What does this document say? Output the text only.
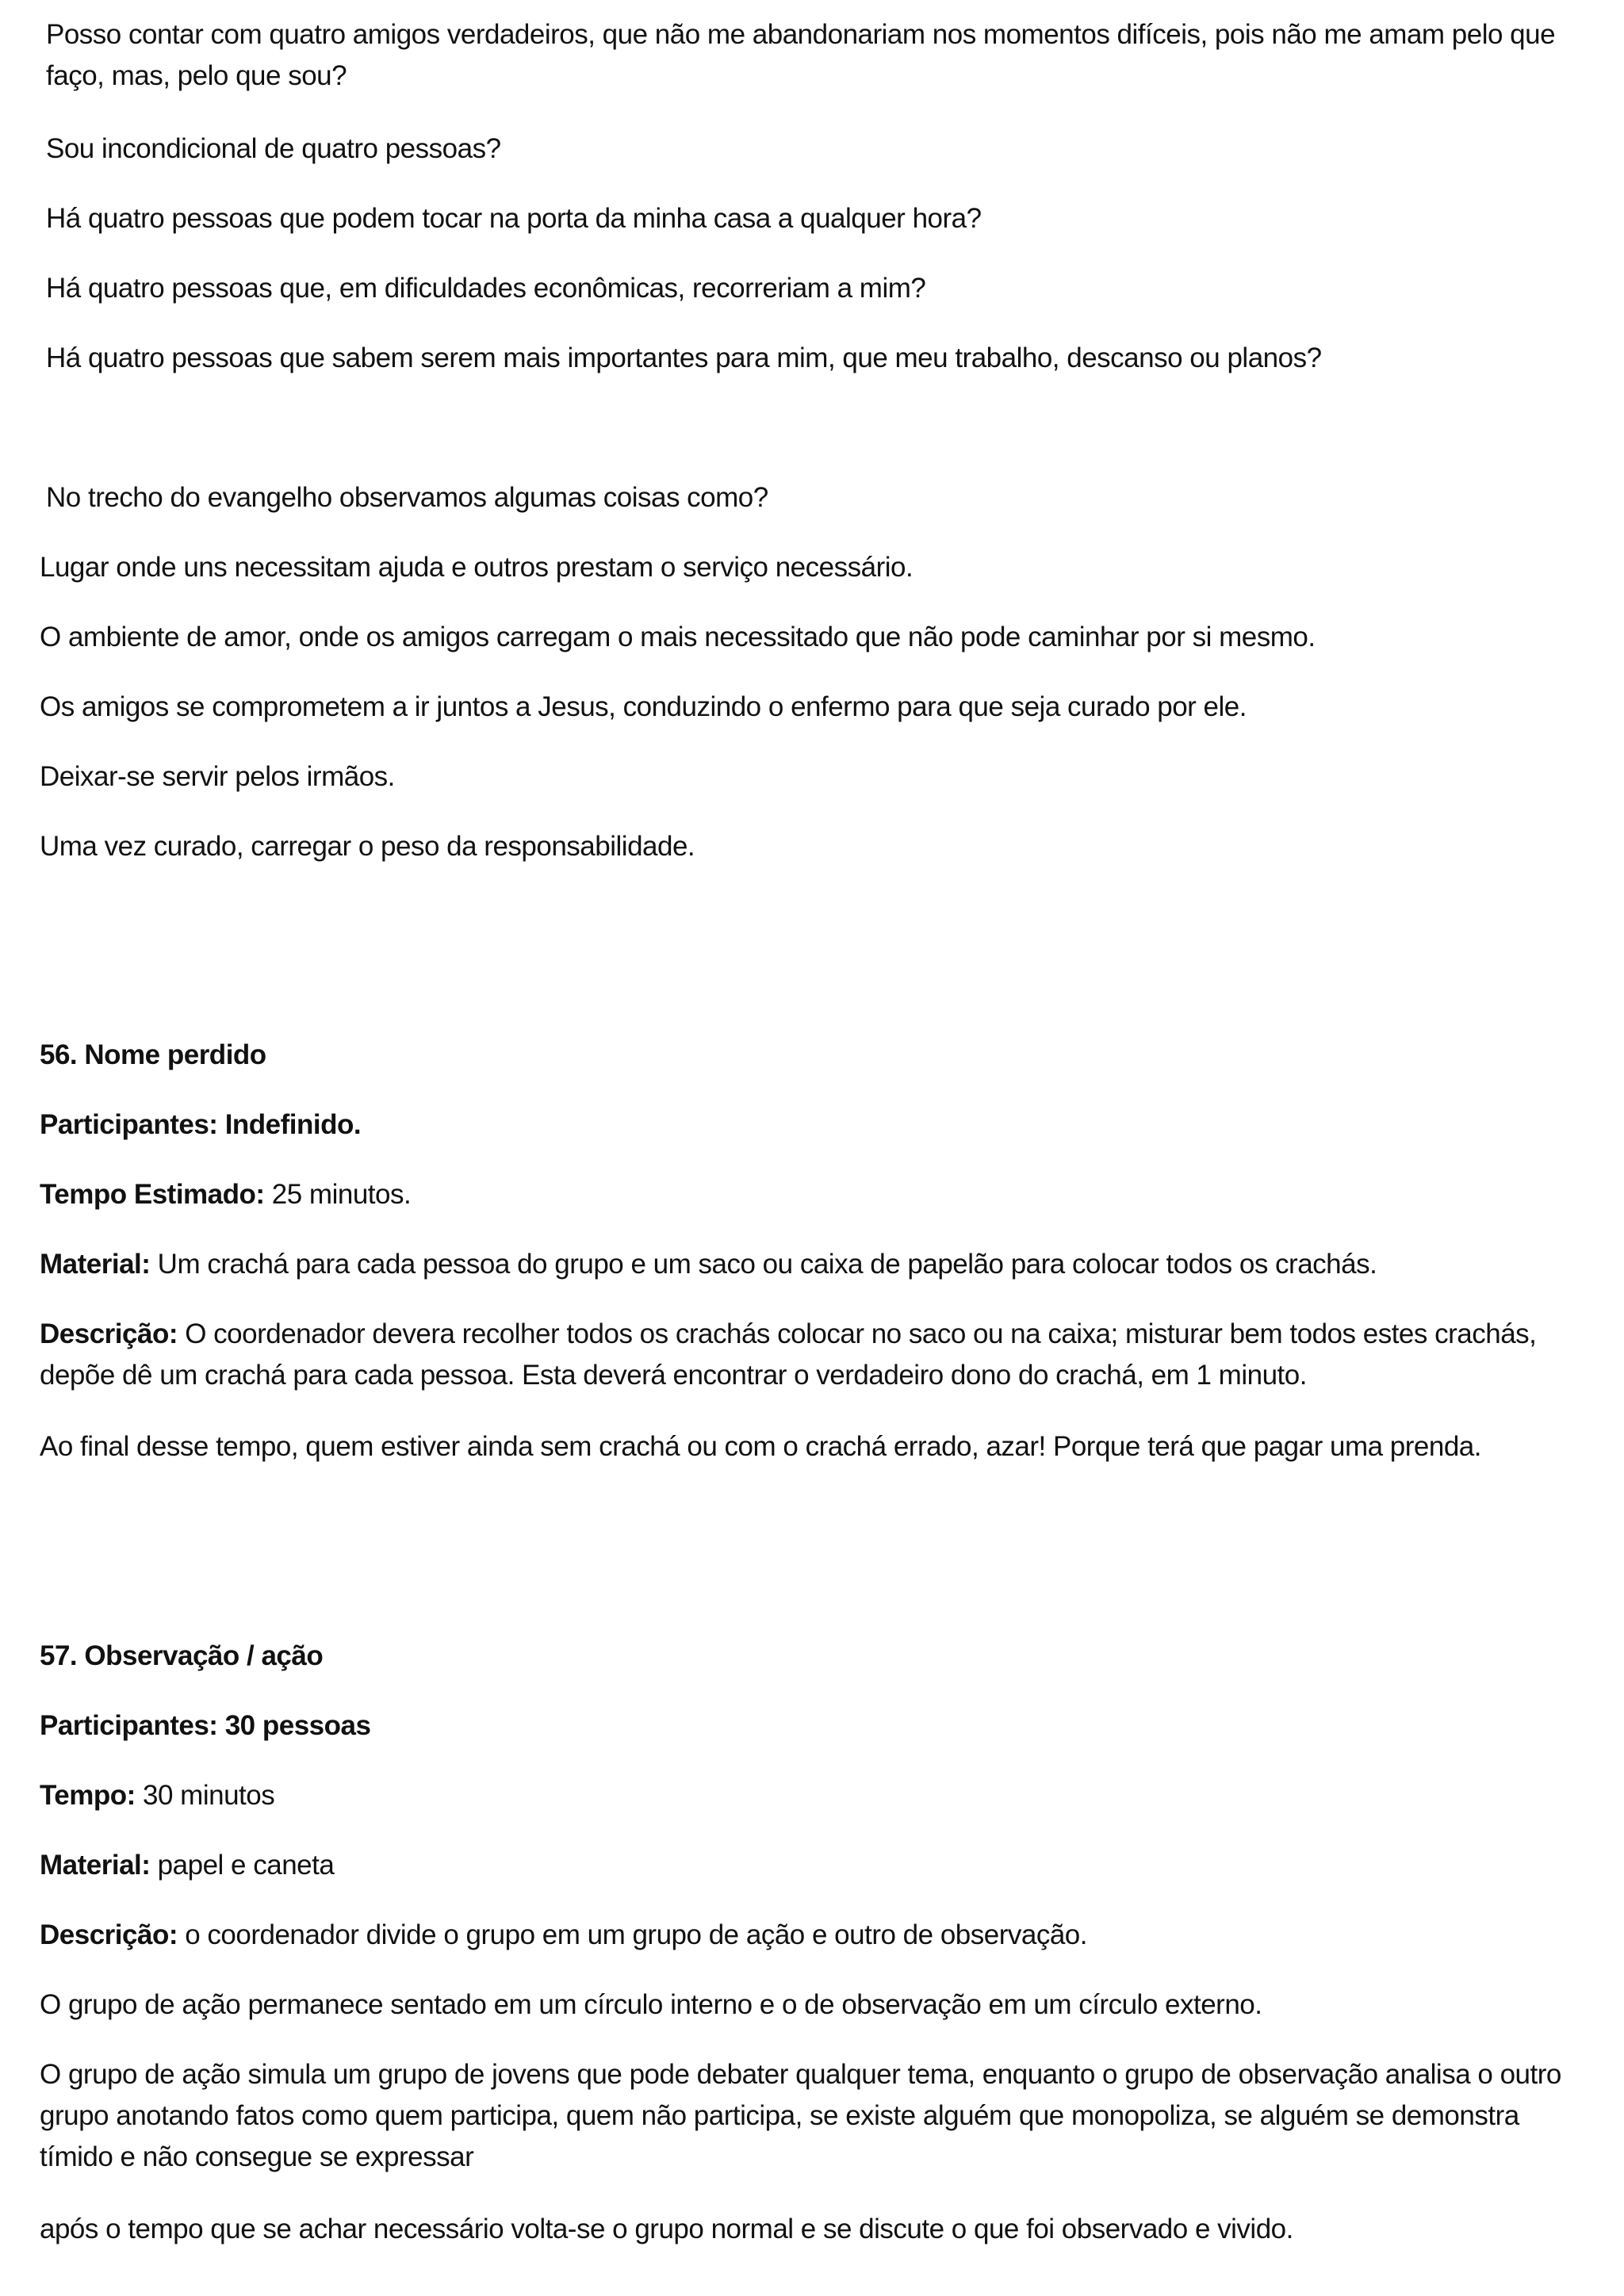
Posso contar com quatro amigos verdadeiros, que não me abandonariam nos momentos difíceis, pois não me amam pelo que faço, mas, pelo que sou?

Sou incondicional de quatro pessoas?

Há quatro pessoas que podem tocar na porta da minha casa a qualquer hora?

Há quatro pessoas que, em dificuldades econômicas, recorreriam a mim?

Há quatro pessoas que sabem serem mais importantes para mim, que meu trabalho, descanso ou planos?

No trecho do evangelho observamos algumas coisas como?

Lugar onde uns necessitam ajuda e outros prestam o serviço necessário.

O ambiente de amor, onde os amigos carregam o mais necessitado que não pode caminhar por si mesmo.

Os amigos se comprometem a ir juntos a Jesus, conduzindo o enfermo para que seja curado por ele.

Deixar-se servir pelos irmãos.

Uma vez curado, carregar o peso da responsabilidade.

56. Nome perdido

Participantes: Indefinido.

Tempo Estimado: 25 minutos.

Material: Um crachá para cada pessoa do grupo e um saco ou caixa de papelão para colocar todos os crachás.

Descrição: O coordenador devera recolher todos os crachás colocar no saco ou na caixa; misturar bem todos estes crachás, depõe dê um crachá para cada pessoa. Esta deverá encontrar o verdadeiro dono do crachá, em 1 minuto.

Ao final desse tempo, quem estiver ainda sem crachá ou com o crachá errado, azar! Porque terá que pagar uma prenda.

57. Observação / ação

Participantes: 30 pessoas

Tempo: 30 minutos

Material: papel e caneta

Descrição: o coordenador divide o grupo em um grupo de ação e outro de observação.

O grupo de ação permanece sentado em um círculo interno e o de observação em um círculo externo.

O grupo de ação simula um grupo de jovens que pode debater qualquer tema, enquanto o grupo de observação analisa o outro grupo anotando fatos como quem participa, quem não participa, se existe alguém que monopoliza, se alguém se demonstra tímido e não consegue se expressar

após o tempo que se achar necessário volta-se o grupo normal e se discute o que foi observado e vivido.
